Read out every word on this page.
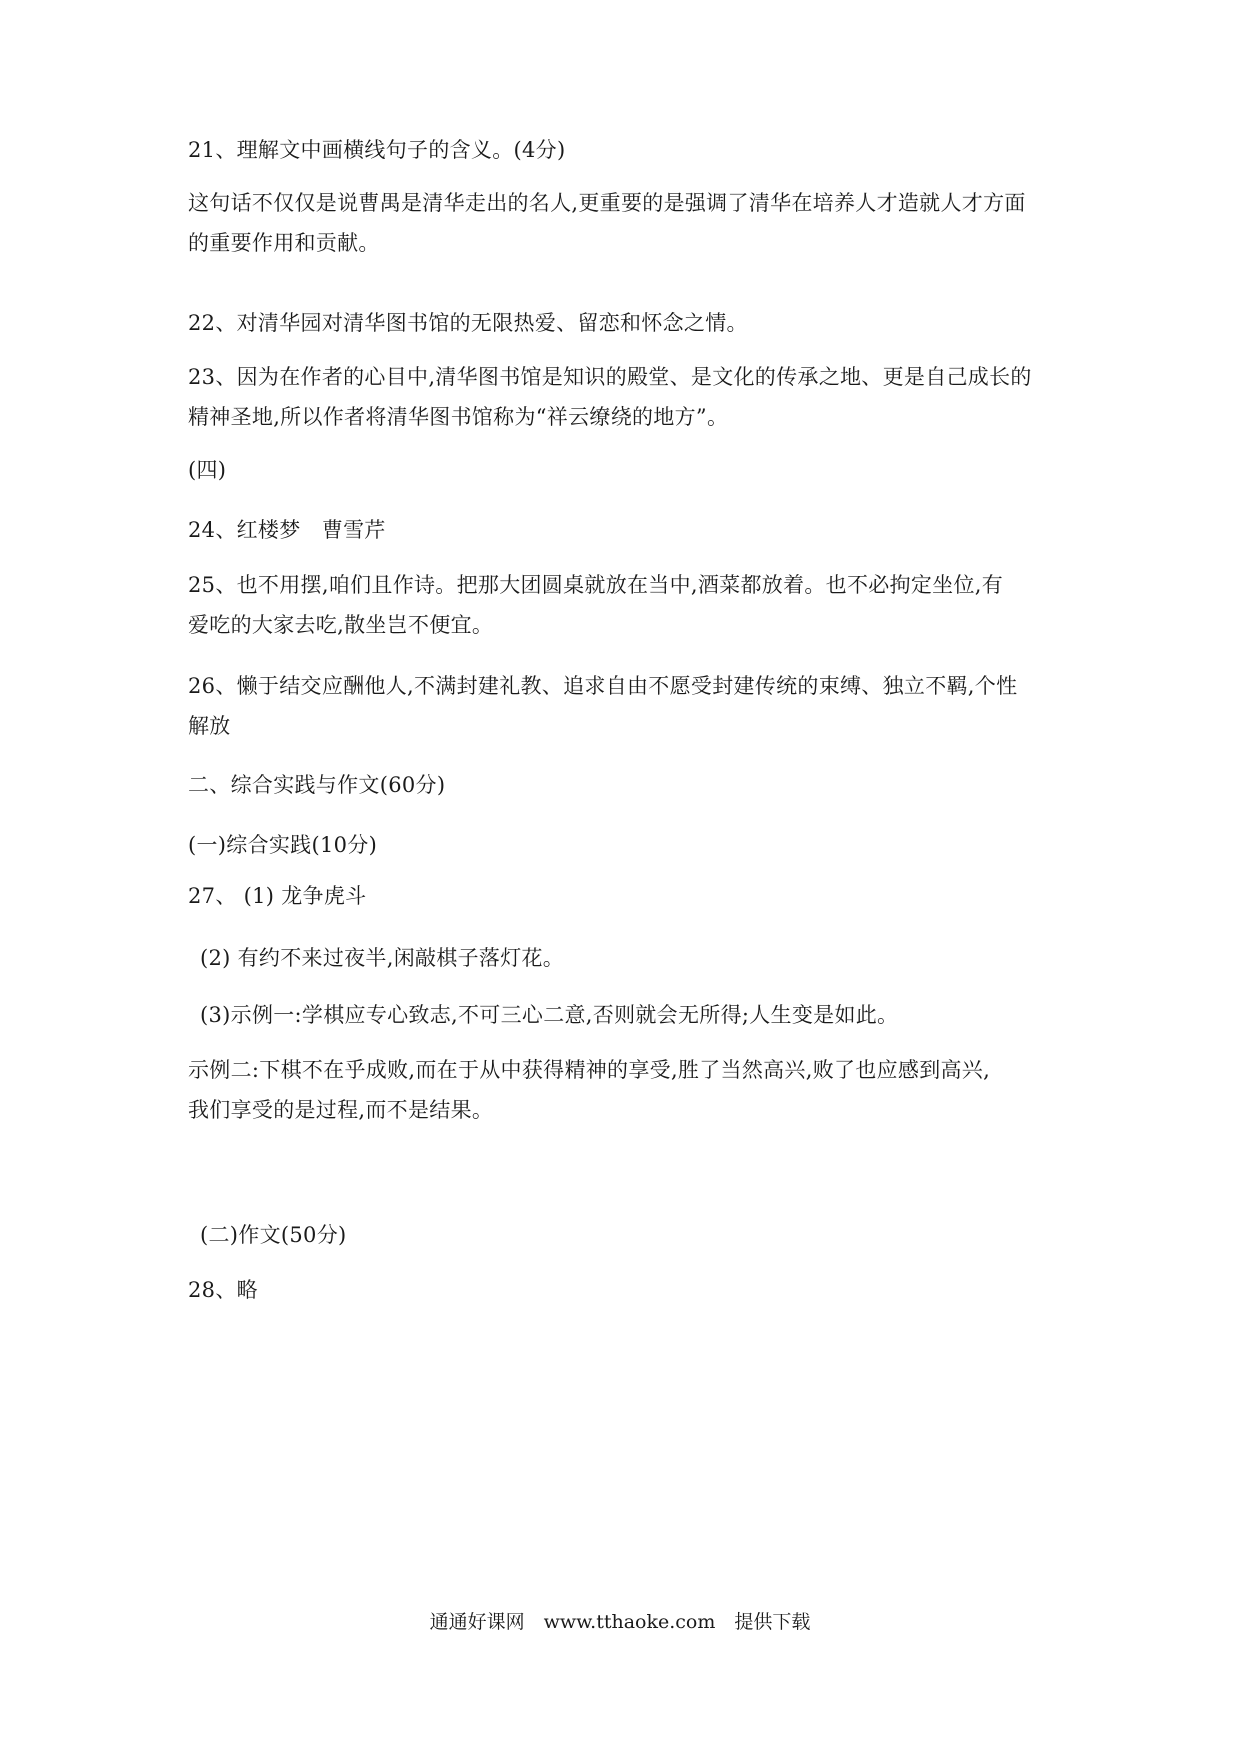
21、理解文中画横线句子的含义。(4分)
这句话不仅仅是说曹禺是清华走出的名人,更重要的是强调了清华在培养人才造就人才方面
的重要作用和贡献。
22、对清华园对清华图书馆的无限热爱、留恋和怀念之情。
23、因为在作者的心目中,清华图书馆是知识的殿堂、是文化的传承之地、更是自己成长的
精神圣地,所以作者将清华图书馆称为“祥云缭绕的地方”。
(四)
24、红楼梦　曹雪芹
25、也不用摆,咱们且作诗。把那大团圆桌就放在当中,酒菜都放着。也不必拘定坐位,有
爱吃的大家去吃,散坐岂不便宜。
26、懒于结交应酬他人,不满封建礼教、追求自由不愿受封建传统的束缚、独立不羁,个性
解放
二、综合实践与作文(60分)
(一)综合实践(10分)
27、 (1) 龙争虎斗
(2) 有约不来过夜半,闲敲棋子落灯花。
(3)示例一:学棋应专心致志,不可三心二意,否则就会无所得;人生变是如此。
示例二:下棋不在乎成败,而在于从中获得精神的享受,胜了当然高兴,败了也应感到高兴,
我们享受的是过程,而不是结果。
(二)作文(50分)
28、略
通通好课网　www.tthaoke.com　提供下载
